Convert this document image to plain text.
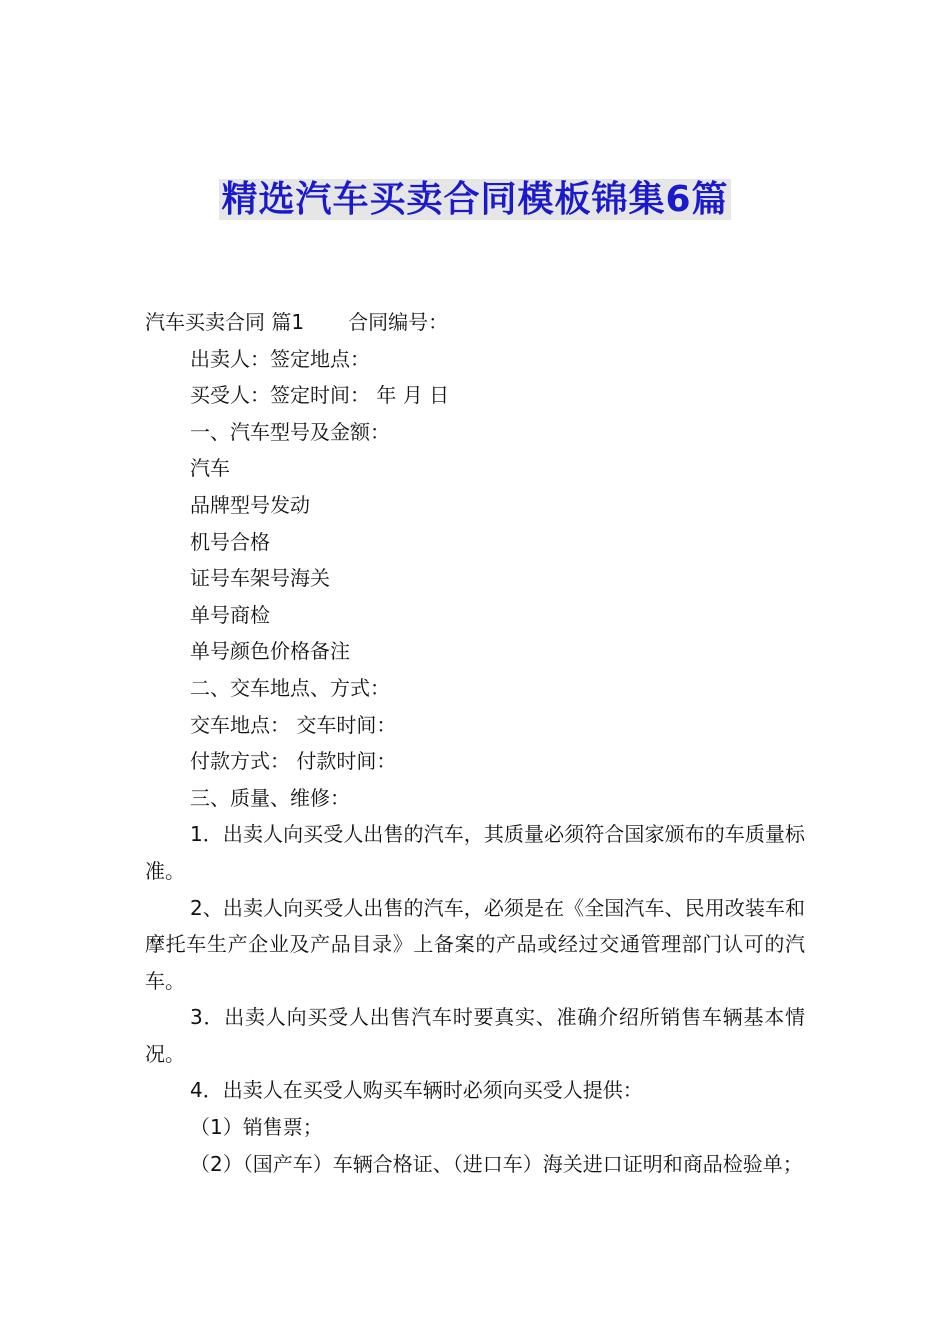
精选汽车买卖合同模板锦集6篇
汽车买卖合同 篇1 合同编号：
出卖人：签定地点：
买受人：签定时间： 年 月 日
一、汽车型号及金额：
汽车
品牌型号发动
机号合格
证号车架号海关
单号商检
单号颜色价格备注
二、交车地点、方式：
交车地点： 交车时间：
付款方式： 付款时间：
三、质量、维修：
1．出卖人向买受人出售的汽车，其质量必须符合国家颁布的车质量标准。
2、出卖人向买受人出售的汽车，必须是在《全国汽车、民用改装车和摩托车生产企业及产品目录》上备案的产品或经过交通管理部门认可的汽车。
3．出卖人向买受人出售汽车时要真实、准确介绍所销售车辆基本情况。
4．出卖人在买受人购买车辆时必须向买受人提供：
（1）销售票；
（2）（国产车）车辆合格证、（进口车）海关进口证明和商品检验单；
